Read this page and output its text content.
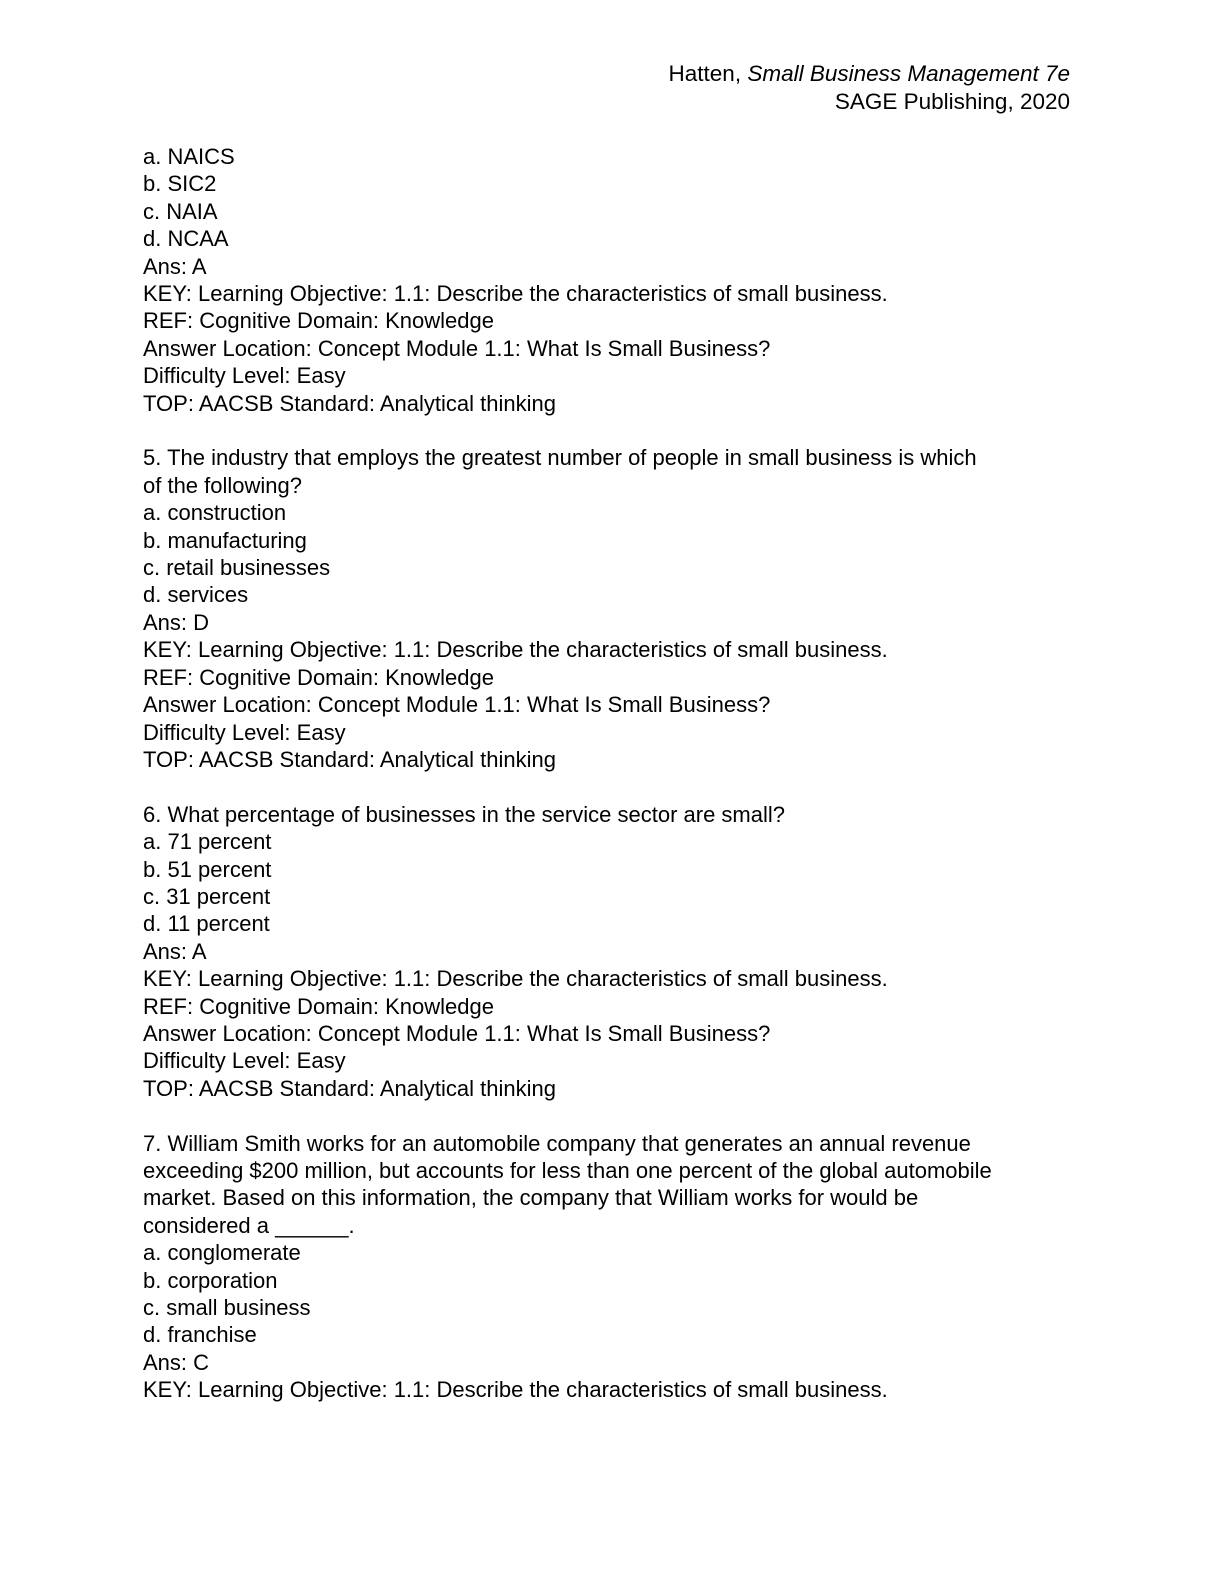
Hatten, Small Business Management 7e
SAGE Publishing, 2020
a. NAICS
b. SIC2
c. NAIA
d. NCAA
Ans: A
KEY: Learning Objective: 1.1: Describe the characteristics of small business.
REF: Cognitive Domain: Knowledge
Answer Location: Concept Module 1.1: What Is Small Business?
Difficulty Level: Easy
TOP: AACSB Standard: Analytical thinking
5. The industry that employs the greatest number of people in small business is which
of the following?
a. construction
b. manufacturing
c. retail businesses
d. services
Ans: D
KEY: Learning Objective: 1.1: Describe the characteristics of small business.
REF: Cognitive Domain: Knowledge
Answer Location: Concept Module 1.1: What Is Small Business?
Difficulty Level: Easy
TOP: AACSB Standard: Analytical thinking
6. What percentage of businesses in the service sector are small?
a. 71 percent
b. 51 percent
c. 31 percent
d. 11 percent
Ans: A
KEY: Learning Objective: 1.1: Describe the characteristics of small business.
REF: Cognitive Domain: Knowledge
Answer Location: Concept Module 1.1: What Is Small Business?
Difficulty Level: Easy
TOP: AACSB Standard: Analytical thinking
7. William Smith works for an automobile company that generates an annual revenue
exceeding $200 million, but accounts for less than one percent of the global automobile
market. Based on this information, the company that William works for would be
considered a ______.
a. conglomerate
b. corporation
c. small business
d. franchise
Ans: C
KEY: Learning Objective: 1.1: Describe the characteristics of small business.
